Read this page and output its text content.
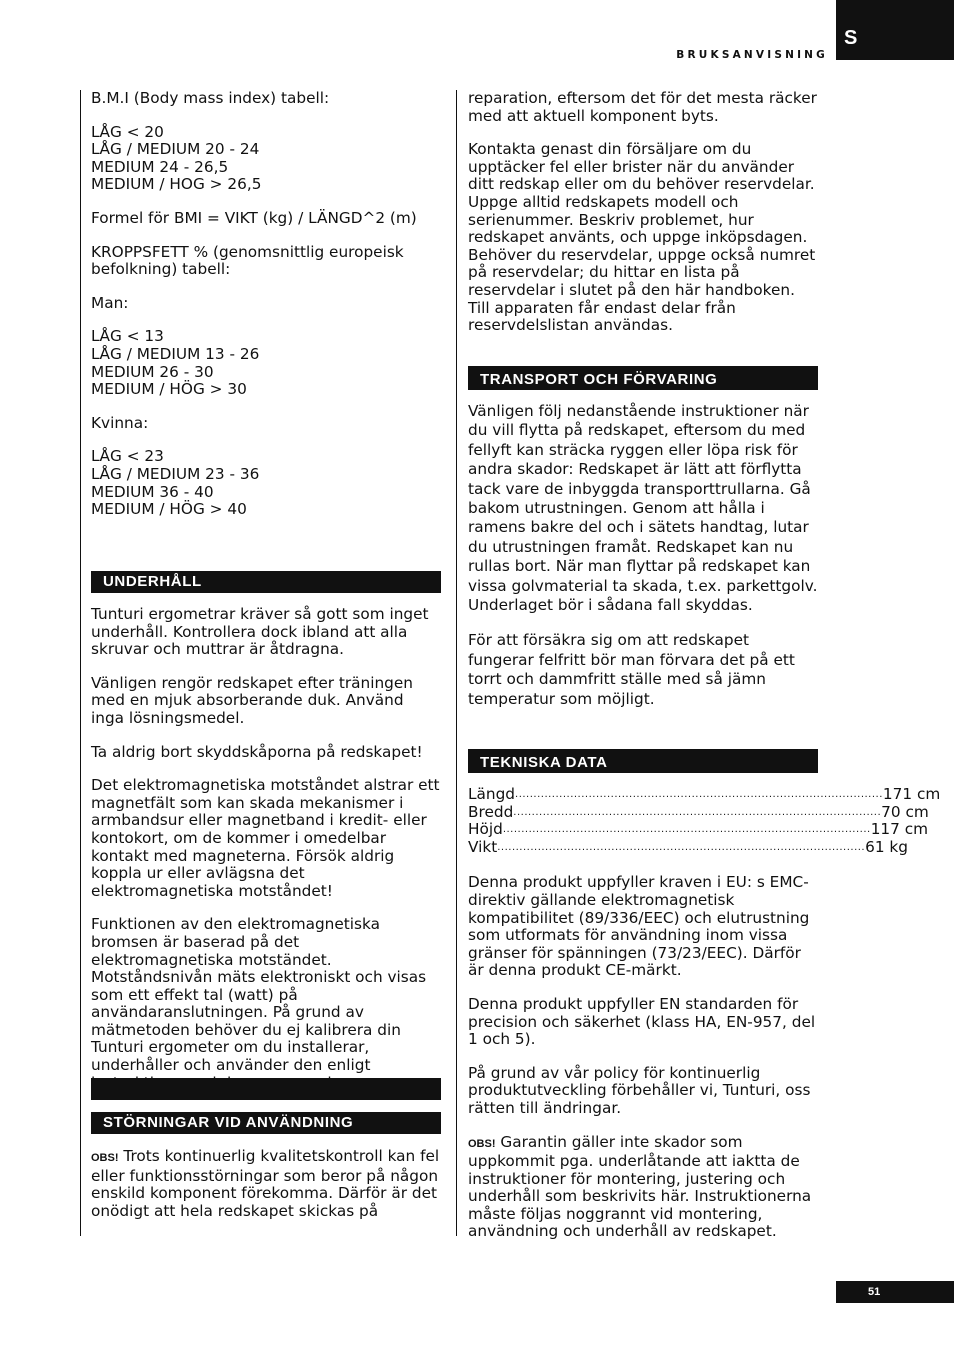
BRUKSANVISNING
S

B.M.I (Body mass index) tabell:

LÅG < 20
LÅG / MEDIUM 20 - 24
MEDIUM 24 - 26,5
MEDIUM / HOG > 26,5

Formel för BMI = VIKT (kg) / LÄNGD^2 (m)

KROPPSFETT % (genomsnittlig europeisk befolkning) tabell:

Man:

LÅG < 13
LÅG / MEDIUM 13 - 26
MEDIUM 26 - 30
MEDIUM / HÖG > 30

Kvinna:

LÅG < 23
LÅG / MEDIUM 23 - 36
MEDIUM 36 - 40
MEDIUM / HÖG > 40

UNDERHÅLL

Tunturi ergometrar kräver så gott som inget underhåll. Kontrollera dock ibland att alla skruvar och muttrar är åtdragna.

Vänligen rengör redskapet efter träningen med en mjuk absorberande duk. Använd inga lösningsmedel.

Ta aldrig bort skyddskåporna på redskapet!

Det elektromagnetiska motståndet alstrar ett magnetfält som kan skada mekanismer i armbandsur eller magnetband i kredit- eller kontokort, om de kommer i omedelbar kontakt med magneterna. Försök aldrig koppla ur eller avlägsna det elektromagnetiska motståndet!

Funktionen av den elektromagnetiska bromsen är baserad på det elektromagnetiska motständet. Motståndsnivån mäts elektroniskt och visas som ett effekt tal (watt) på användaranslutningen. På grund av mätmetoden behöver du ej kalibrera din Tunturi ergometer om du installerar, underhåller och använder den enligt

STÖRNINGAR VID ANVÄNDNING

OBS! Trots kontinuerlig kvalitetskontroll kan fel eller funktionsstörningar som beror på någon enskild komponent förekomma. Därför är det onödigt att hela redskapet skickas på

reparation, eftersom det för det mesta räcker med att aktuell komponent byts.

Kontakta genast din försäljare om du upptäcker fel eller brister när du använder ditt redskap eller om du behöver reservdelar. Uppge alltid redskapets modell och serienummer. Beskriv problemet, hur redskapet använts, och uppge inköpsdagen. Behöver du reservdelar, uppge också numret på reservdelar; du hittar en lista på reservdelar i slutet på den här handboken. Till apparaten får endast delar från reservdelslistan användas.

TRANSPORT OCH FÖRVARING

Vänligen följ nedanstående instruktioner när du vill flytta på redskapet, eftersom du med fellyft kan sträcka ryggen eller löpa risk för andra skador: Redskapet är lätt att förflytta tack vare de inbyggda transporttrullarna. Gå bakom utrustningen. Genom att hålla i ramens bakre del och i sätets handtag, lutar du utrustningen framåt. Redskapet kan nu rullas bort. När man flyttar på redskapet kan vissa golvmaterial ta skada, t.ex. parkettgolv. Underlaget bör i sådana fall skyddas.

För att försäkra sig om att redskapet fungerar felfritt bör man förvara det på ett torrt och dammfritt ställe med så jämn temperatur som möjligt.

TEKNISKA DATA
Längd .................................................................................................... 171 cm
Bredd .................................................................................................... 70 cm
Höjd .................................................................................................... 117 cm
Vikt .................................................................................................... 61 kg

Denna produkt uppfyller kraven i EU: s EMC-direktiv gällande elektromagnetisk kompatibilitet (89/336/EEC) och elutrustning som utformats för användning inom vissa gränser för spänningen (73/23/EEC). Därför är denna produkt CE-märkt.

Denna produkt uppfyller EN standarden för precision och säkerhet (klass HA, EN-957, del 1 och 5).

På grund av vår policy för kontinuerlig produktutveckling förbehåller vi, Tunturi, oss rätten till ändringar.

OBS! Garantin gäller inte skador som uppkommit pga. underlåtande att iaktta de instruktioner för montering, justering och underhåll som beskrivits här. Instruktionerna måste följas noggrannt vid montering, användning och underhåll av redskapet.

51
